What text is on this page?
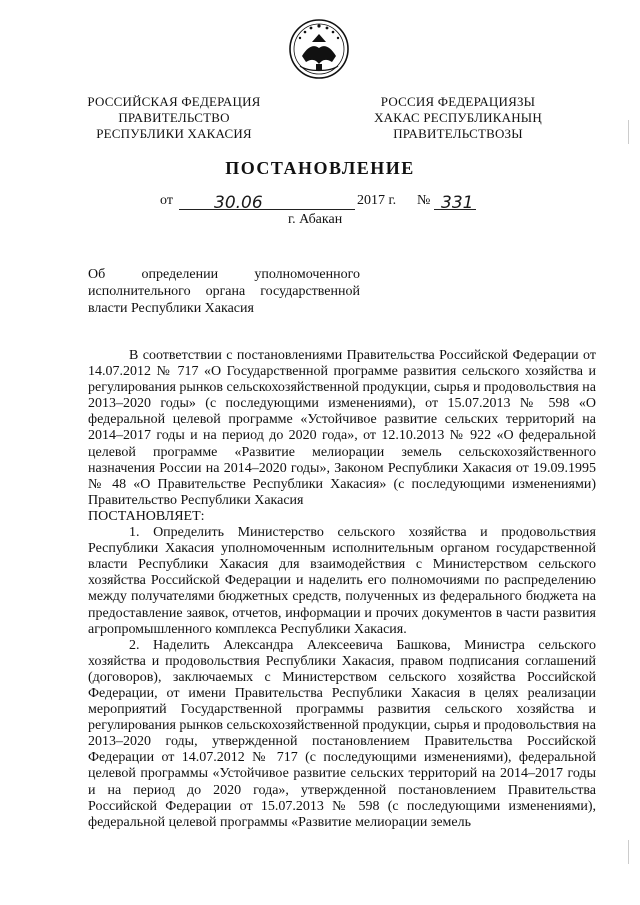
РОССИЙСКАЯ ФЕДЕРАЦИЯ
ПРАВИТЕЛЬСТВО
РЕСПУБЛИКИ ХАКАСИЯ
РОССИЯ ФЕДЕРАЦИЯЗЫ
ХАКАС РЕСПУБЛИКАНЫҢ
ПРАВИТЕЛЬСТВОЗЫ
ПОСТАНОВЛЕНИЕ
от 30.06	2017 г. № 331
г. Абакан
Об определении уполномоченного исполнительного органа государственной власти Республики Хакасия

В соответствии с постановлениями Правительства Российской Федерации от 14.07.2012 № 717 «О Государственной программе развития сельского хозяйства и регулирования рынков сельскохозяйственной продукции, сырья и продовольствия на 2013–2020 годы» (с последующими изменениями), от 15.07.2013 № 598 «О федеральной целевой программе «Устойчивое развитие сельских территорий на 2014–2017 годы и на период до 2020 года», от 12.10.2013 № 922 «О федеральной целевой программе «Развитие мелиорации земель сельскохозяйственного назначения России на 2014–2020 годы», Законом Республики Хакасия от 19.09.1995 № 48 «О Правительстве Республики Хакасия» (с последующими изменениями) Правительство Республики Хакасия

ПОСТАНОВЛЯЕТ:

1. Определить Министерство сельского хозяйства и продовольствия Республики Хакасия уполномоченным исполнительным органом государственной власти Республики Хакасия для взаимодействия с Министерством сельского хозяйства Российской Федерации и наделить его полномочиями по распределению между получателями бюджетных средств, полученных из федерального бюджета на предоставление заявок, отчетов, информации и прочих документов в части развития агропромышленного комплекса Республики Хакасия.

2. Наделить Александра Алексеевича Башкова, Министра сельского хозяйства и продовольствия Республики Хакасия, правом подписания соглашений (договоров), заключаемых с Министерством сельского хозяйства Российской Федерации, от имени Правительства Республики Хакасия в целях реализации мероприятий Государственной программы развития сельского хозяйства и регулирования рынков сельскохозяйственной продукции, сырья и продовольствия на 2013–2020 годы, утвержденной постановлением Правительства Российской Федерации от 14.07.2012 № 717 (с последующими изменениями), федеральной целевой программы «Устойчивое развитие сельских территорий на 2014–2017 годы и на период до 2020 года», утвержденной постановлением Правительства Российской Федерации от 15.07.2013 № 598 (с последующими изменениями), федеральной целевой программы «Развитие мелиорации земель
